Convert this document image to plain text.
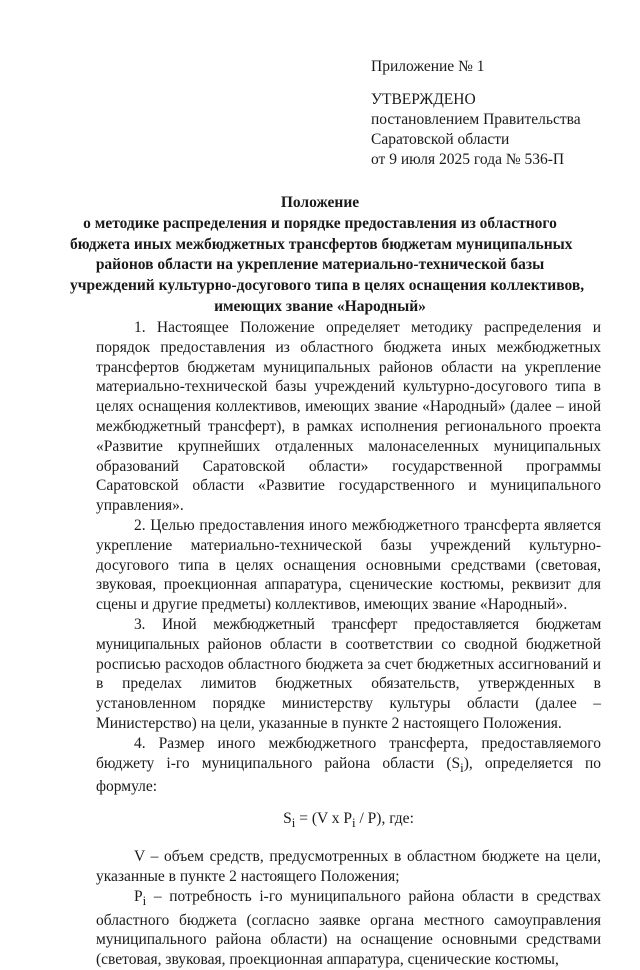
Приложение № 1
УТВЕРЖДЕНО
постановлением Правительства
Саратовской области
от 9 июля 2025 года № 536-П
Положение
о методике распределения и порядке предоставления из областного
бюджета иных межбюджетных трансфертов бюджетам муниципальных
районов области на укрепление материально-технической базы
учреждений культурно-досугового типа в целях оснащения коллективов,
имеющих звание «Народный»

1. Настоящее Положение определяет методику распределения и порядок предоставления из областного бюджета иных межбюджетных трансфертов бюджетам муниципальных районов области на укрепление материально-технической базы учреждений культурно-досугового типа в целях оснащения коллективов, имеющих звание «Народный» (далее – иной межбюджетный трансферт), в рамках исполнения регионального проекта «Развитие крупнейших отдаленных малонаселенных муниципальных образований Саратовской области» государственной программы Саратовской области «Развитие государственного и муниципального управления».

2. Целью предоставления иного межбюджетного трансферта является укрепление материально-технической базы учреждений культурно-досугового типа в целях оснащения основными средствами (световая, звуковая, проекционная аппаратура, сценические костюмы, реквизит для сцены и другие предметы) коллективов, имеющих звание «Народный».

3. Иной межбюджетный трансферт предоставляется бюджетам муниципальных районов области в соответствии со сводной бюджетной росписью расходов областного бюджета за счет бюджетных ассигнований и в пределах лимитов бюджетных обязательств, утвержденных в установленном порядке министерству культуры области (далее – Министерство) на цели, указанные в пункте 2 настоящего Положения.

4. Размер иного межбюджетного трансферта, предоставляемого бюджету i-го муниципального района области $(S_i)$, определяется по формуле:

$S_i = (V$ x $P_i / P$), где:

V – объем средств, предусмотренных в областном бюджете на цели, указанные в пункте 2 настоящего Положения;

$P_i$ – потребность i-го муниципального района области в средствах областного бюджета (согласно заявке органа местного самоуправления муниципального района области) на оснащение основными средствами (световая, звуковая, проекционная аппаратура, сценические костюмы,
